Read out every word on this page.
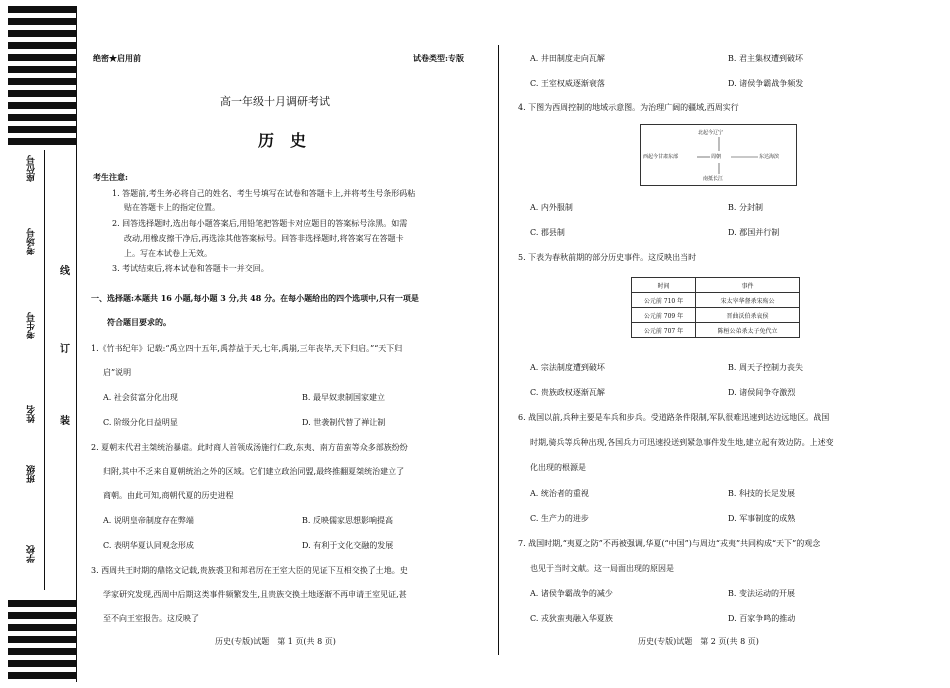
座位号
考场号
考生号
姓名
班级
学校
线
订
装
绝密★启用前	试卷类型:专版
高一年级十月调研考试
历　史
考生注意:
1. 答题前,考生务必将自己的姓名、考生号填写在试卷和答题卡上,并将考生号条形码粘
贴在答题卡上的指定位置。
2. 回答选择题时,选出每小题答案后,用铅笔把答题卡对应题目的答案标号涂黑。如需
改动,用橡皮擦干净后,再选涂其他答案标号。回答非选择题时,将答案写在答题卡
上。写在本试卷上无效。
3. 考试结束后,将本试卷和答题卡一并交回。
一、选择题:本题共 16 小题,每小题 3 分,共 48 分。在每小题给出的四个选项中,只有一项是
符合题目要求的。
1.《竹书纪年》记载:“禹立四十五年,禹荐益于天,七年,禹崩,三年丧毕,天下归启。”“天下归
启”说明
A. 社会贫富分化出现	B. 最早奴隶制国家建立
C. 阶级分化日益明显	D. 世袭制代替了禅让制
2. 夏朝末代君主桀统治暴虐。此时商人首领成汤施行仁政,东夷、南方苗蛮等众多部族纷纷
归附,其中不乏来自夏朝统治之外的区域。它们建立政治同盟,最终推翻夏桀统治建立了
商朝。由此可知,商朝代夏的历史进程
A. 说明皇帝制度存在弊端	B. 反映儒家思想影响提高
C. 表明华夏认同观念形成	D. 有利于文化交融的发展
3. 西周共王时期的鼎铭文记载,贵族裘卫和邦君厉在王室大臣的见证下互相交换了土地。史
学家研究发现,西周中后期这类事件频繁发生,且贵族交换土地逐渐不再申请王室见证,甚
至不向王室报告。这反映了
历史(专版)试题　第 1 页(共 8 页)
A. 井田制度走向瓦解	B. 君主集权遭到破坏
C. 王室权威逐渐衰落	D. 诸侯争霸战争频发
4. 下图为西周控制的地域示意图。为治理广阔的疆域,西周实行
北起今辽宁
西起今甘肃东部	周朝	东达海滨
南抵长江
A. 内外服制	B. 分封制
C. 郡县制	D. 郡国并行制
5. 下表为春秋前期的部分历史事件。这反映出当时
时间	事件
公元前 710 年	宋太宰华督杀宋殇公
公元前 709 年	晋曲沃伯杀哀侯
公元前 707 年	陈桓公弟杀太子免代立
A. 宗法制度遭到破坏	B. 周天子控制力丧失
C. 贵族政权逐渐瓦解	D. 诸侯间争夺激烈
6. 战国以前,兵种主要是车兵和步兵。受道路条件限制,军队很难迅速到达边远地区。战国
时期,骑兵等兵种出现,各国兵力可迅速投送到紧急事件发生地,建立起有效边防。上述变
化出现的根源是
A. 统治者的重视	B. 科技的长足发展
C. 生产力的进步	D. 军事制度的成熟
7. 战国时期,“夷夏之防”不再被强调,华夏(“中国”)与周边“戎夷”共同构成“天下”的观念
也见于当时文献。这一局面出现的原因是
A. 诸侯争霸战争的减少	B. 变法运动的开展
C. 戎狄蛮夷融入华夏族	D. 百家争鸣的推动
历史(专版)试题　第 2 页(共 8 页)
